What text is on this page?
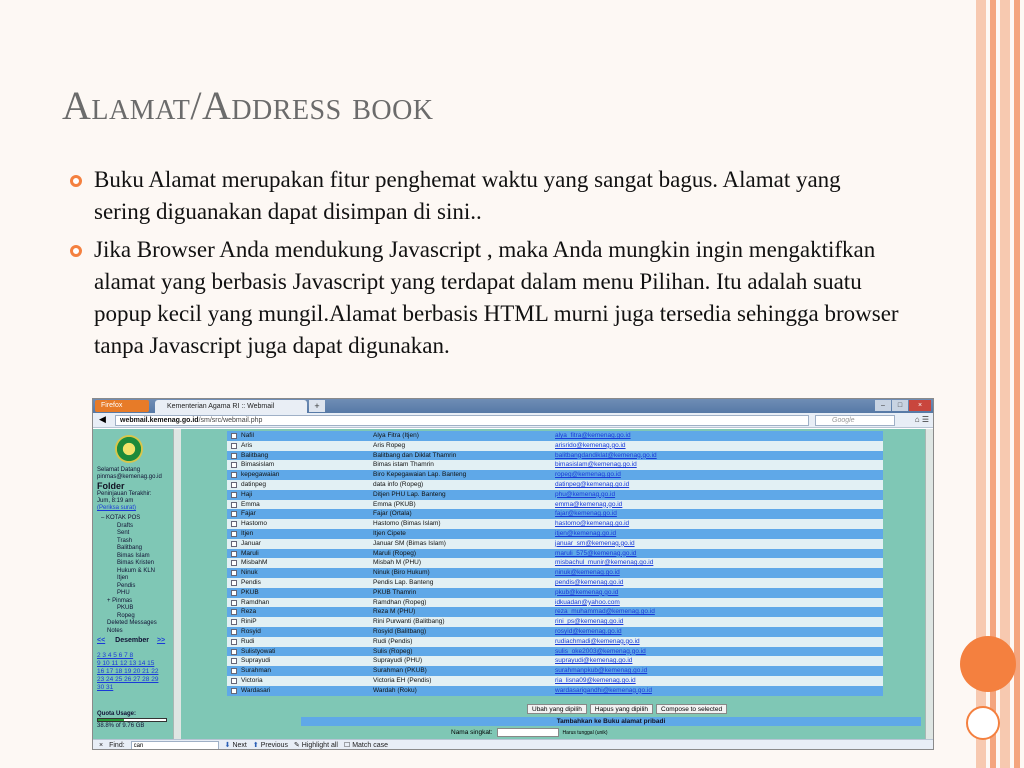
Alamat/Address book
Buku Alamat merupakan fitur penghemat waktu yang sangat bagus. Alamat yang sering diguanakan dapat disimpan di sini..
Jika Browser Anda mendukung Javascript , maka Anda mungkin ingin mengaktifkan alamat yang berbasis Javascript yang terdapat dalam menu Pilihan. Itu adalah suatu popup kecil yang mungil.Alamat berbasis HTML murni juga tersedia sehingga browser tanpa Javascript juga dapat digunakan.
Firefox	Kementerian Agama RI :: Webmail	+	–	□	×
◀	webmail.kemenag.go.id/sm/src/webmail.php	Google	⌂ ☰
Selamat Datang
pinmas@kemenag.go.id
Folder
Peninjauan Terakhir:
Jum, 8:19 am
(Periksa surat)
– KOTAK POS
Drafts
Sent
Trash
Balitbang
Bimas Islam
Bimas Kristen
Hukum & KLN
Itjen
Pendis
PHU
+ Pinmas
PKUB
Ropeg
Deleted Messages
Notes
<< Desember >>
2 3 4 5 6 7 8
9 10 11 12 13 14 15
16 17 18 19 20 21 22
23 24 25 26 27 28 29
30 31
Quota Usage:
38.8% of 9.76 GB
Nafil	Alya Fitra (Itjen)	alya_fitra@kemenag.go.id
Aris	Aris Ropeg	arisrido@kemenag.go.id
Balitbang	Balitbang dan Diklat Thamrin	balitbangdandiklat@kemenag.go.id
Bimasislam	Bimas istam Thamrin	bimasislam@kemenag.go.id
kepegawaian	Biro Kepegawaian Lap. Banteng	ropeg@kemenag.go.id
datinpeg	data info (Ropeg)	datinpeg@kemenag.go.id
Haji	Ditjen PHU Lap. Banteng	phu@kemenag.go.id
Emma	Emma (PKUB)	emma@kemenag.go.id
Fajar	Fajar (Ortala)	fajar@kemenag.go.id
Hastomo	Hastomo (Bimas Islam)	hastomo@kemenag.go.id
Itjen	Itjen Cipete	itjen@kemenag.go.id
Januar	Januar SM (Bimas Islam)	januar_sm@kemenag.go.id
Maruli	Maruli (Ropeg)	maruli_575@kemenag.go.id
MisbahM	Misbah M (PHU)	misbachul_munir@kemenag.go.id
Ninuk	Ninuk (Biro Hukum)	ninuk@kemenag.go.id
Pendis	Pendis Lap. Banteng	pendis@kemenag.go.id
PKUB	PKUB Thamrin	pkub@kemenag.go.id
Ramdhan	Ramdhan (Ropeg)	idkuadan@yahoo.com
Reza	Reza M (PHU)	reza_muhammad@kemenag.go.id
RiniP	Rini Purwanti (Balitbang)	rini_ps@kemenag.go.id
Rosyid	Rosyid (Balitbang)	rosyid@kemenag.go.id
Rudi	Rudi (Pendis)	rudiachmadi@kemenag.go.id
Sulistyowati	Sulis (Ropeg)	sulis_oke2003@kemenag.go.id
Suprayudi	Suprayudi (PHU)	suprayudi@kemenag.go.id
Surahman	Surahman (PKUB)	surahmanpkub@kemenag.go.id
Victoria	Victoria EH (Pendis)	ria_lisna09@kemenag.go.id
Wardasari	Wardah (Roku)	wardasarigandhi@kemenag.go.id
Ubah yang dipilih	Hapus yang dipilih	Compose to selected
Tambahkan ke Buku alamat pribadi
Nama singkat:	Harus tunggal (unik)
× Find:
cari	⬇ Next ⬆ Previous ✎ Highlight all ☐ Match case
